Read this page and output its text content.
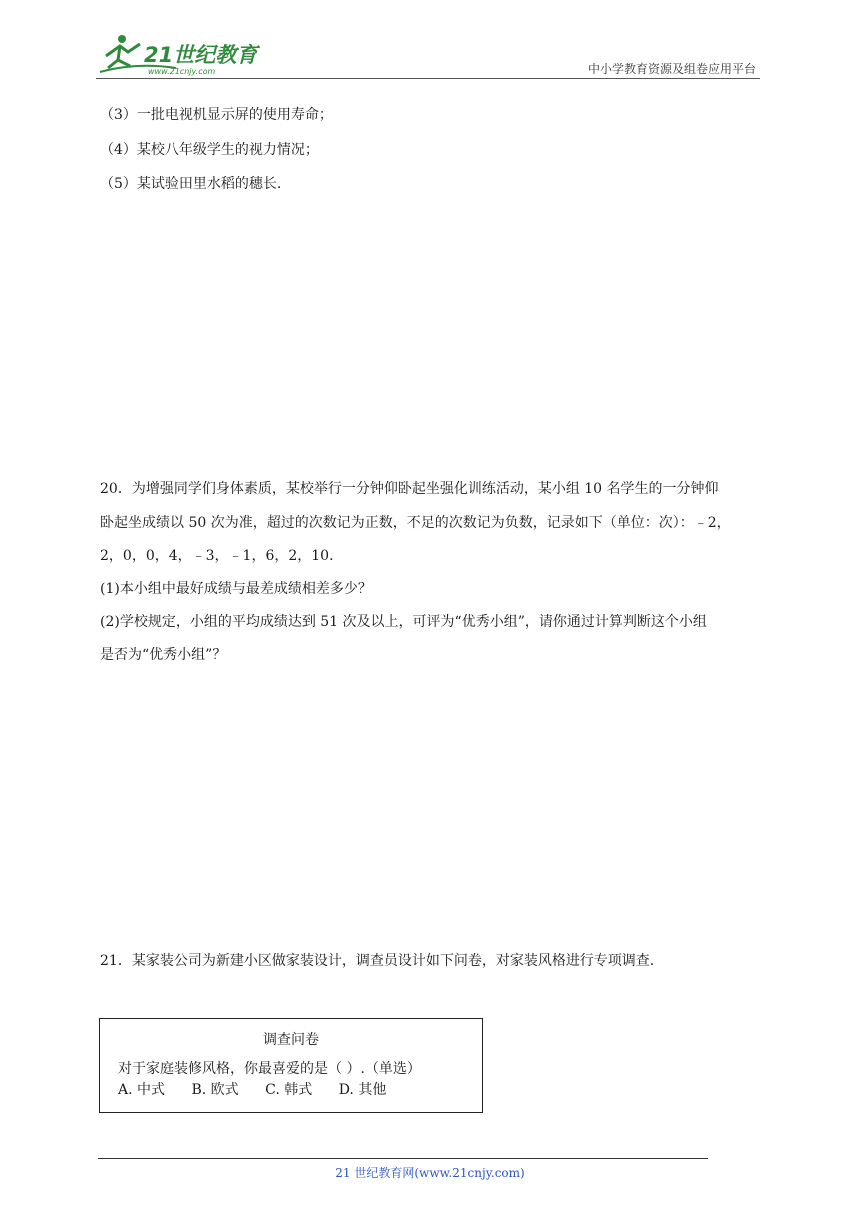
21世纪教育
www.21cnjy.com	中小学教育资源及组卷应用平台
（3）一批电视机显示屏的使用寿命；
（4）某校八年级学生的视力情况；
（5）某试验田里水稻的穗长.
20．为增强同学们身体素质，某校举行一分钟仰卧起坐强化训练活动，某小组 10 名学生的一分钟仰
卧起坐成绩以 50 次为准，超过的次数记为正数，不足的次数记为负数，记录如下（单位：次）：﹣2，
2，0，0，4，﹣3，﹣1，6，2，10.
(1)本小组中最好成绩与最差成绩相差多少？
(2)学校规定，小组的平均成绩达到 51 次及以上，可评为“优秀小组”，请你通过计算判断这个小组
是否为“优秀小组”？
21．某家装公司为新建小区做家装设计，调查员设计如下问卷，对家装风格进行专项调查.
调查问卷
对于家庭装修风格，你最喜爱的是（ ）.（单选）
A. 中式 B. 欧式 C. 韩式 D. 其他
21 世纪教育网(www.21cnjy.com)
